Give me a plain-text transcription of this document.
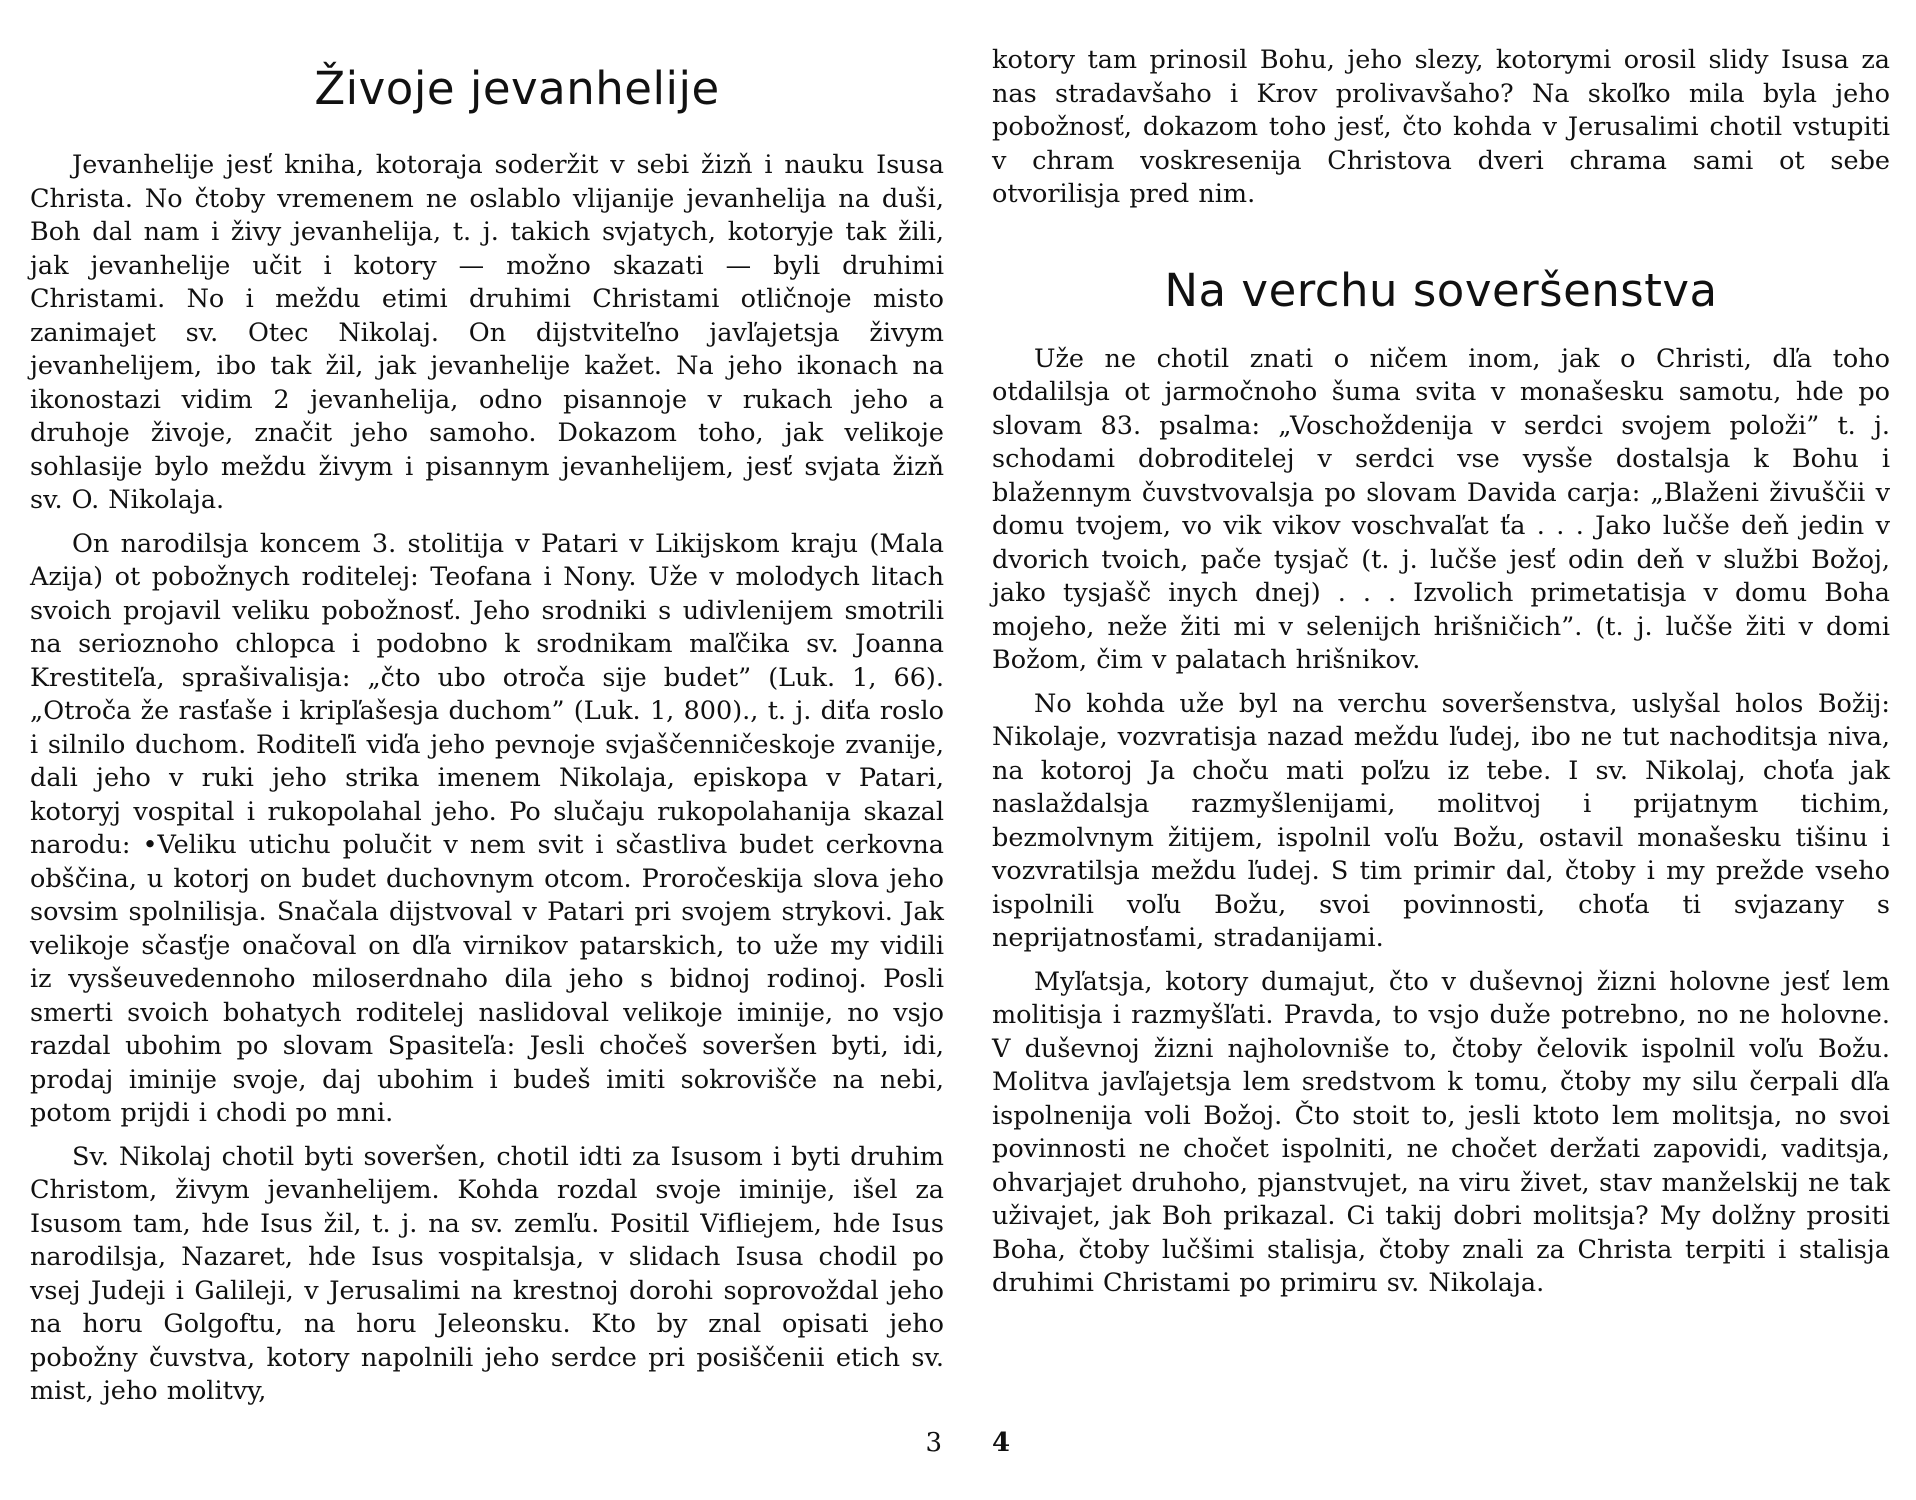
Živoje jevanhelije

Jevanhelije jesť kniha, kotoraja soderžit v sebi žizň i nauku Isusa Christa. No čtoby vremenem ne oslablo vlijanije jevanhelija na duši, Boh dal nam i živy jevanhelija, t. j. takich svjatych, kotoryje tak žili, jak jevanhelije učit i kotory — možno skazati — byli druhimi Christami. No i meždu etimi druhimi Christami otličnoje misto zanimajet sv. Otec Nikolaj. On dijstviteľno javľajetsja živym jevanhelijem, ibo tak žil, jak jevanhelije kažet. Na jeho ikonach na ikonostazi vidim 2 jevanhelija, odno pisannoje v rukach jeho a druhoje živoje, značit jeho samoho. Dokazom toho, jak velikoje sohlasije bylo meždu živym i pisannym jevanhelijem, jesť svjata žizň sv. O. Nikolaja.

On narodilsja koncem 3. stolitija v Patari v Likijskom kraju (Mala Azija) ot pobožnych roditelej: Teofana i Nony. Uže v molodych litach svoich projavil veliku pobožnosť. Jeho srodniki s udivlenijem smotrili na serioznoho chlopca i podobno k srodnikam maľčika sv. Joanna Krestiteľa, sprašivalisja: „čto ubo otroča sije budet” (Luk. 1, 66). „Otroča že rasťaše i kripľašesja duchom” (Luk. 1, 800)., t. j. diťa roslo i silnilo duchom. Roditeľi viďa jeho pevnoje svjaščenničeskoje zvanije, dali jeho v ruki jeho strika imenem Nikolaja, episkopa v Patari, kotoryj vospital i rukopolahal jeho. Po slučaju rukopolahanija skazal narodu: •Veliku utichu polučit v nem svit i sčastliva budet cerkovna obščina, u kotorj on budet duchovnym otcom. Proročeskija slova jeho sovsim spolnilisja. Snačala dijstvoval v Patari pri svojem strykovi. Jak velikoje sčasťje onačoval on dľa virnikov patarskich, to uže my vidili iz vysšeuvedennoho miloserdnaho dila jeho s bidnoj rodinoj. Posli smerti svoich bohatych roditelej naslidoval velikoje iminije, no vsjo razdal ubohim po slovam Spasiteľa: Jesli chočeš soveršen byti, idi, prodaj iminije svoje, daj ubohim i budeš imiti sokrovišče na nebi, potom prijdi i chodi po mni.

Sv. Nikolaj chotil byti soveršen, chotil idti za Isusom i byti druhim Christom, živym jevanhelijem. Kohda rozdal svoje iminije, išel za Isusom tam, hde Isus žil, t. j. na sv. zemľu. Positil Vifliejem, hde Isus narodilsja, Nazaret, hde Isus vospitalsja, v slidach Isusa chodil po vsej Judeji i Galileji, v Jerusalimi na krestnoj dorohi soprovoždal jeho na horu Golgoftu, na horu Jeleonsku. Kto by znal opisati jeho pobožny čuvstva, kotory napolnili jeho serdce pri posiščenii etich sv. mist, jeho molitvy,

3

kotory tam prinosil Bohu, jeho slezy, kotorymi orosil slidy Isusa za nas stradavšaho i Krov prolivavšaho? Na skoľko mila byla jeho pobožnosť, dokazom toho jesť, čto kohda v Jerusalimi chotil vstupiti v chram voskresenija Christova dveri chrama sami ot sebe otvorilisja pred nim.

Na verchu soveršenstva

Uže ne chotil znati o ničem inom, jak o Christi, dľa toho otdalilsja ot jarmočnoho šuma svita v monašesku samotu, hde po slovam 83. psalma: „Voschoždenija v serdci svojem položi” t. j. schodami dobroditelej v serdci vse vysše dostalsja k Bohu i blažennym čuvstvovalsja po slovam Davida carja: „Blaženi živuščii v domu tvojem, vo vik vikov voschvaľat ťa . . . Jako lučše deň jedin v dvorich tvoich, pače tysjač (t. j. lučše jesť odin deň v službi Božoj, jako tysjašč inych dnej) . . . Izvolich primetatisja v domu Boha mojeho, neže žiti mi v selenijch hrišničich”. (t. j. lučše žiti v domi Božom, čim v palatach hrišnikov.

No kohda uže byl na verchu soveršenstva, uslyšal holos Božij: Nikolaje, vozvratisja nazad meždu ľudej, ibo ne tut nachoditsja niva, na kotoroj Ja choču mati poľzu iz tebe. I sv. Nikolaj, choťa jak naslaždalsja razmyšlenijami, molitvoj i prijatnym tichim, bezmolvnym žitijem, ispolnil voľu Božu, ostavil monašesku tišinu i vozvratilsja meždu ľudej. S tim primir dal, čtoby i my prežde vseho ispolnili voľu Božu, svoi povinnosti, choťa ti svjazany s neprijatnosťami, stradanijami.

Myľatsja, kotory dumajut, čto v duševnoj žizni holovne jesť lem molitisja i razmyšľati. Pravda, to vsjo duže potrebno, no ne holovne. V duševnoj žizni najholovniše to, čtoby čelovik ispolnil voľu Božu. Molitva javľajetsja lem sredstvom k tomu, čtoby my silu čerpali dľa ispolnenija voli Božoj. Čto stoit to, jesli ktoto lem molitsja, no svoi povinnosti ne chočet ispolniti, ne chočet deržati zapovidi, vaditsja, ohvarjajet druhoho, pjanstvujet, na viru živet, stav manželskij ne tak uživajet, jak Boh prikazal. Ci takij dobri molitsja? My dolžny prositi Boha, čtoby lučšimi stalisja, čtoby znali za Christa terpiti i stalisja druhimi Christami po primiru sv. Nikolaja.

4
